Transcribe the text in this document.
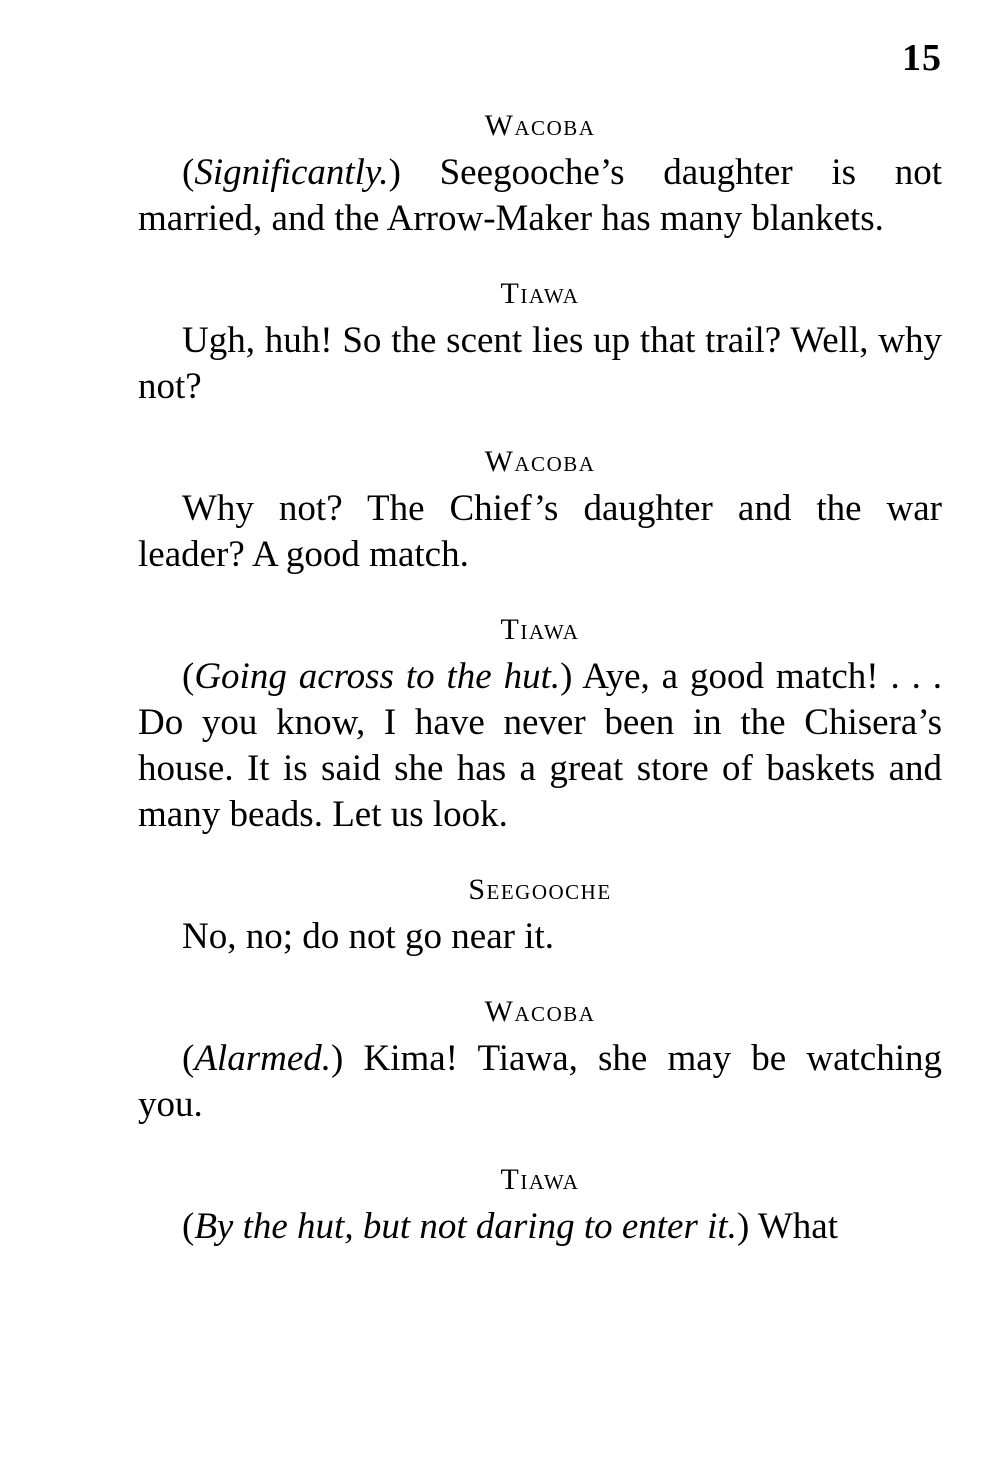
15
Wacoba

(Significantly.) Seegooche’s daughter is not married, and the Arrow-Maker has many blankets.

Tiawa

Ugh, huh! So the scent lies up that trail? Well, why not?

Wacoba

Why not? The Chief’s daughter and the war leader? A good match.

Tiawa

(Going across to the hut.) Aye, a good match! . . . Do you know, I have never been in the Chisera’s house. It is said she has a great store of baskets and many beads. Let us look.

Seegooche

No, no; do not go near it.

Wacoba

(Alarmed.) Kima! Tiawa, she may be watching you.

Tiawa

(By the hut, but not daring to enter it.) What
